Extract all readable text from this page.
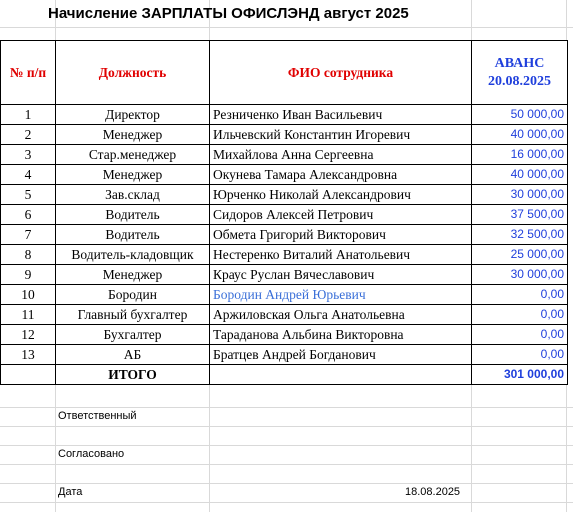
Начисление ЗАРПЛАТЫ ОФИСЛЭНД август 2025
№ п/п	Должность	ФИО сотрудника	АВАНС
20.08.2025

1	Директор	Резниченко Иван Васильевич	50 000,00
2	Менеджер	Ильчевский Константин Игоревич	40 000,00
3	Стар.менеджер	Михайлова Анна Сергеевна	16 000,00
4	Менеджер	Окунева Тамара Александровна	40 000,00
5	Зав.склад	Юрченко Николай Александрович	30 000,00
6	Водитель	Сидоров Алексей Петрович	37 500,00
7	Водитель	Обмета Григорий Викторович	32 500,00
8	Водитель-кладовщик	Нестеренко Виталий Анатольевич	25 000,00
9	Менеджер	Краус Руслан Вячеславович	30 000,00
10	Бородин	Бородин Андрей Юрьевич	0,00
11	Главный бухгалтер	Аржиловская Ольга Анатольевна	0,00
12	Бухгалтер	Тараданова Альбина Викторовна	0,00
13	АБ	Братцев Андрей Богданович	0,00
	ИТОГО		301 000,00
Ответственный
Согласовано
Дата	18.08.2025
